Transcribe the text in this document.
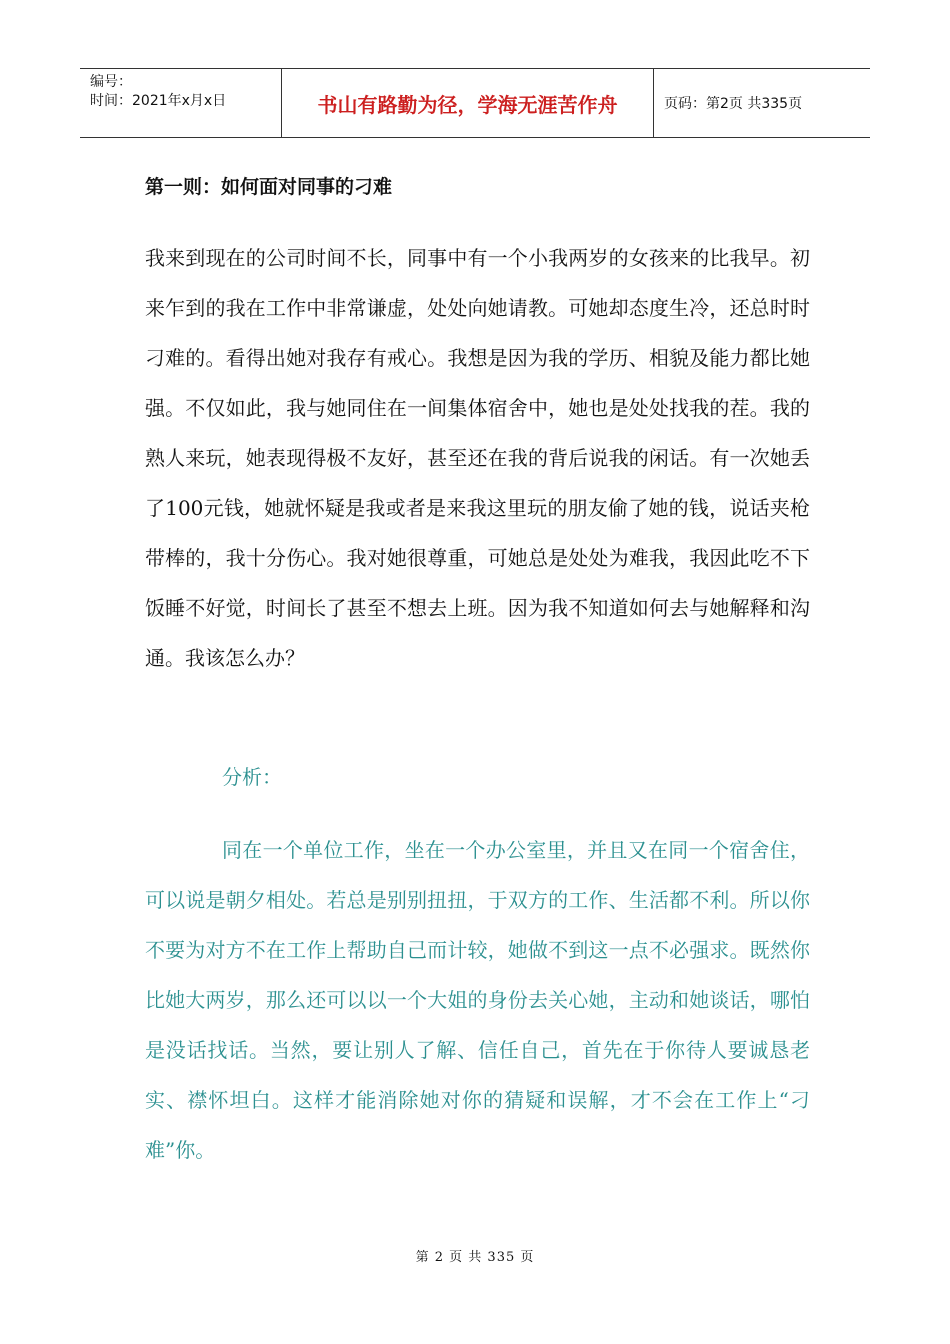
编号：
时间：2021年x月x日	书山有路勤为径，学海无涯苦作舟	页码：第2页 共335页
第一则：如何面对同事的刁难

我来到现在的公司时间不长，同事中有一个小我两岁的女孩来的比我早。初来乍到的我在工作中非常谦虚，处处向她请教。可她却态度生冷，还总时时刁难的。看得出她对我存有戒心。我想是因为我的学历、相貌及能力都比她强。不仅如此，我与她同住在一间集体宿舍中，她也是处处找我的茬。我的熟人来玩，她表现得极不友好，甚至还在我的背后说我的闲话。有一次她丢了100元钱，她就怀疑是我或者是来我这里玩的朋友偷了她的钱，说话夹枪带棒的，我十分伤心。我对她很尊重，可她总是处处为难我，我因此吃不下饭睡不好觉，时间长了甚至不想去上班。因为我不知道如何去与她解释和沟通。我该怎么办？

分析：

同在一个单位工作，坐在一个办公室里，并且又在同一个宿舍住，可以说是朝夕相处。若总是别别扭扭，于双方的工作、生活都不利。所以你不要为对方不在工作上帮助自己而计较，她做不到这一点不必强求。既然你比她大两岁，那么还可以以一个大姐的身份去关心她，主动和她谈话，哪怕是没话找话。当然，要让别人了解、信任自己，首先在于你待人要诚恳老实、襟怀坦白。这样才能消除她对你的猜疑和误解，才不会在工作上“刁难”你。

第 2 页 共 335 页
